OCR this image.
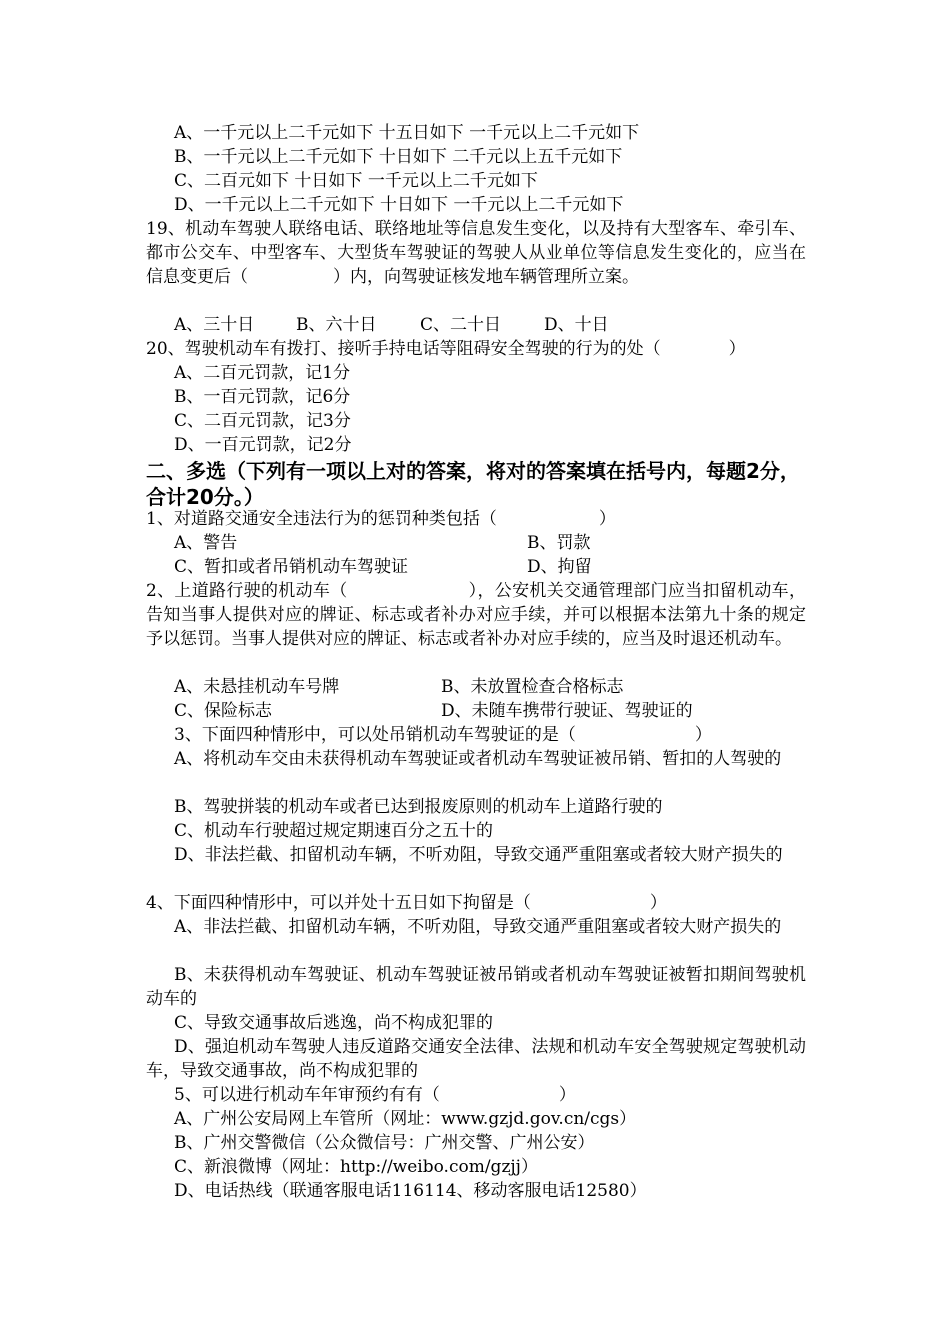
A、一千元以上二千元如下 十五日如下 一千元以上二千元如下
B、一千元以上二千元如下 十日如下 二千元以上五千元如下
C、二百元如下 十日如下 一千元以上二千元如下
D、一千元以上二千元如下 十日如下 一千元以上二千元如下
19、机动车驾驶人联络电话、联络地址等信息发生变化，以及持有大型客车、牵引车、都市公交车、中型客车、大型货车驾驶证的驾驶人从业单位等信息发生变化的，应当在信息变更后（　　　　　）内，向驾驶证核发地车辆管理所立案。
A、三十日 B、六十日	C、二十日	D、十日
20、驾驶机动车有拨打、接听手持电话等阻碍安全驾驶的行为的处（　　　　）
A、二百元罚款，记1分
B、一百元罚款，记6分
C、二百元罚款，记3分
D、一百元罚款，记2分
二、多选（下列有一项以上对的答案，将对的答案填在括号内，每题2分，合计20分。）
1、对道路交通安全违法行为的惩罚种类包括（　　　　　　）
A、警告	B、罚款
C、暂扣或者吊销机动车驾驶证	D、拘留
2、上道路行驶的机动车（　　　　　　　），公安机关交通管理部门应当扣留机动车，告知当事人提供对应的牌证、标志或者补办对应手续，并可以根据本法第九十条的规定予以惩罚。当事人提供对应的牌证、标志或者补办对应手续的，应当及时退还机动车。
A、未悬挂机动车号牌	B、未放置检查合格标志
C、保险标志	D、未随车携带行驶证、驾驶证的
3、下面四种情形中，可以处吊销机动车驾驶证的是（　　　　　　　）
A、将机动车交由未获得机动车驾驶证或者机动车驾驶证被吊销、暂扣的人驾驶的
B、驾驶拼装的机动车或者已达到报废原则的机动车上道路行驶的
C、机动车行驶超过规定期速百分之五十的
D、非法拦截、扣留机动车辆，不听劝阻，导致交通严重阻塞或者较大财产损失的
4、下面四种情形中，可以并处十五日如下拘留是（　　　　　　　）
A、非法拦截、扣留机动车辆，不听劝阻，导致交通严重阻塞或者较大财产损失的
B、未获得机动车驾驶证、机动车驾驶证被吊销或者机动车驾驶证被暂扣期间驾驶机动车的
C、导致交通事故后逃逸，尚不构成犯罪的
D、强迫机动车驾驶人违反道路交通安全法律、法规和机动车安全驾驶规定驾驶机动车，导致交通事故，尚不构成犯罪的
5、可以进行机动车年审预约有有（　　　　　　　）
A、广州公安局网上车管所（网址：www.gzjd.gov.cn/cgs）
B、广州交警微信（公众微信号：广州交警、广州公安）
C、新浪微博（网址：http://weibo.com/gzjj）
D、电话热线（联通客服电话116114、移动客服电话12580）
